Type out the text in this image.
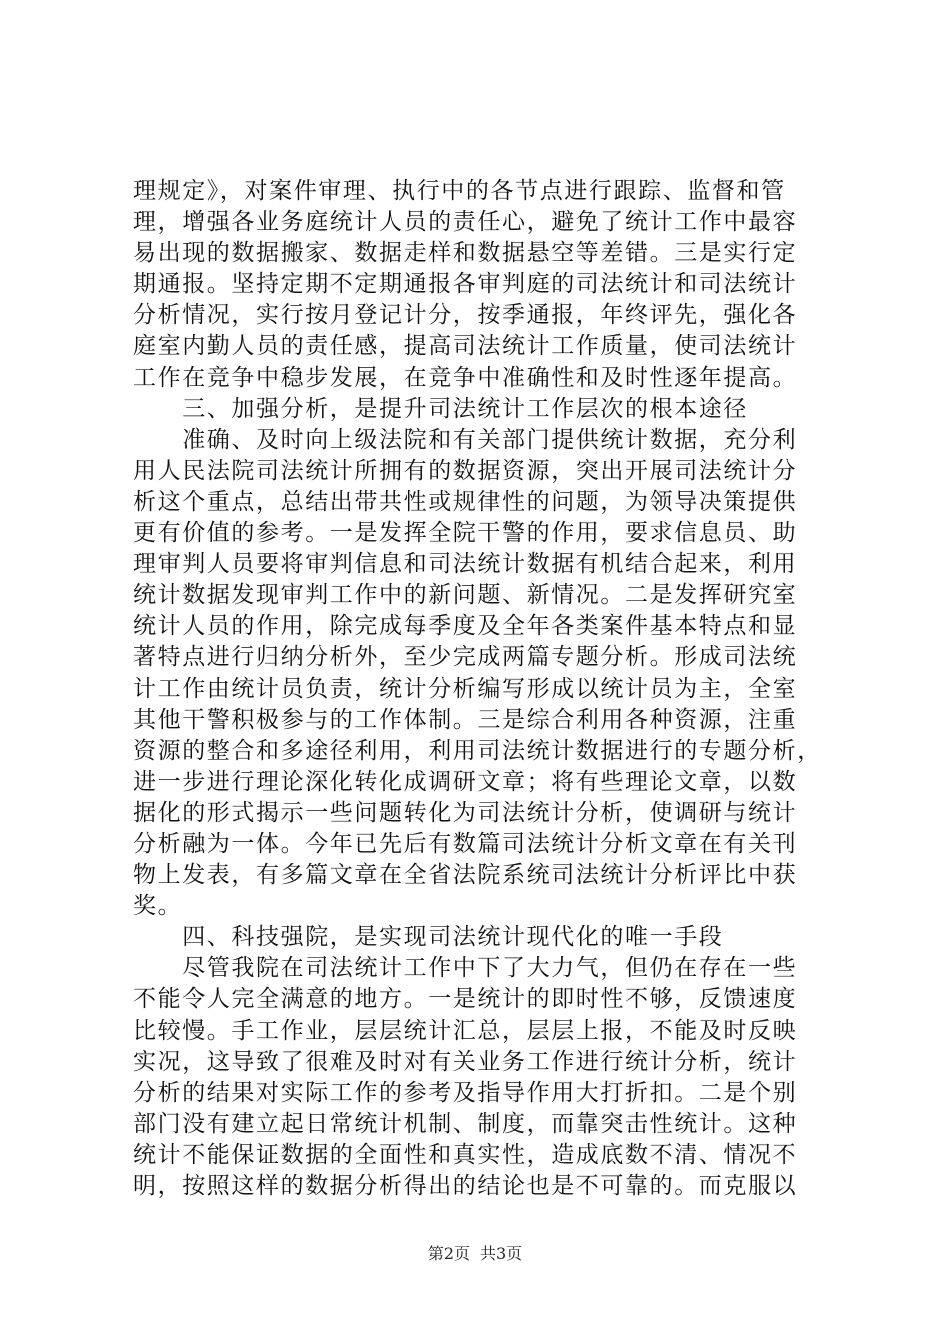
理规定》，对案件审理、执行中的各节点进行跟踪、监督和管
理，增强各业务庭统计人员的责任心，避免了统计工作中最容
易出现的数据搬家、数据走样和数据悬空等差错。三是实行定
期通报。坚持定期不定期通报各审判庭的司法统计和司法统计
分析情况，实行按月登记计分，按季通报，年终评先，强化各
庭室内勤人员的责任感，提高司法统计工作质量，使司法统计
工作在竞争中稳步发展，在竞争中准确性和及时性逐年提高。
　　三、加强分析，是提升司法统计工作层次的根本途径
　　准确、及时向上级法院和有关部门提供统计数据，充分利
用人民法院司法统计所拥有的数据资源，突出开展司法统计分
析这个重点，总结出带共性或规律性的问题，为领导决策提供
更有价值的参考。一是发挥全院干警的作用，要求信息员、助
理审判人员要将审判信息和司法统计数据有机结合起来，利用
统计数据发现审判工作中的新问题、新情况。二是发挥研究室
统计人员的作用，除完成每季度及全年各类案件基本特点和显
著特点进行归纳分析外，至少完成两篇专题分析。形成司法统
计工作由统计员负责，统计分析编写形成以统计员为主，全室
其他干警积极参与的工作体制。三是综合利用各种资源，注重
资源的整合和多途径利用，利用司法统计数据进行的专题分析，
进一步进行理论深化转化成调研文章；将有些理论文章，以数
据化的形式揭示一些问题转化为司法统计分析，使调研与统计
分析融为一体。今年已先后有数篇司法统计分析文章在有关刊
物上发表，有多篇文章在全省法院系统司法统计分析评比中获
奖。
　　四、科技强院，是实现司法统计现代化的唯一手段
　　尽管我院在司法统计工作中下了大力气，但仍在存在一些
不能令人完全满意的地方。一是统计的即时性不够，反馈速度
比较慢。手工作业，层层统计汇总，层层上报，不能及时反映
实况，这导致了很难及时对有关业务工作进行统计分析，统计
分析的结果对实际工作的参考及指导作用大打折扣。二是个别
部门没有建立起日常统计机制、制度，而靠突击性统计。这种
统计不能保证数据的全面性和真实性，造成底数不清、情况不
明，按照这样的数据分析得出的结论也是不可靠的。而克服以
第2页 共3页
